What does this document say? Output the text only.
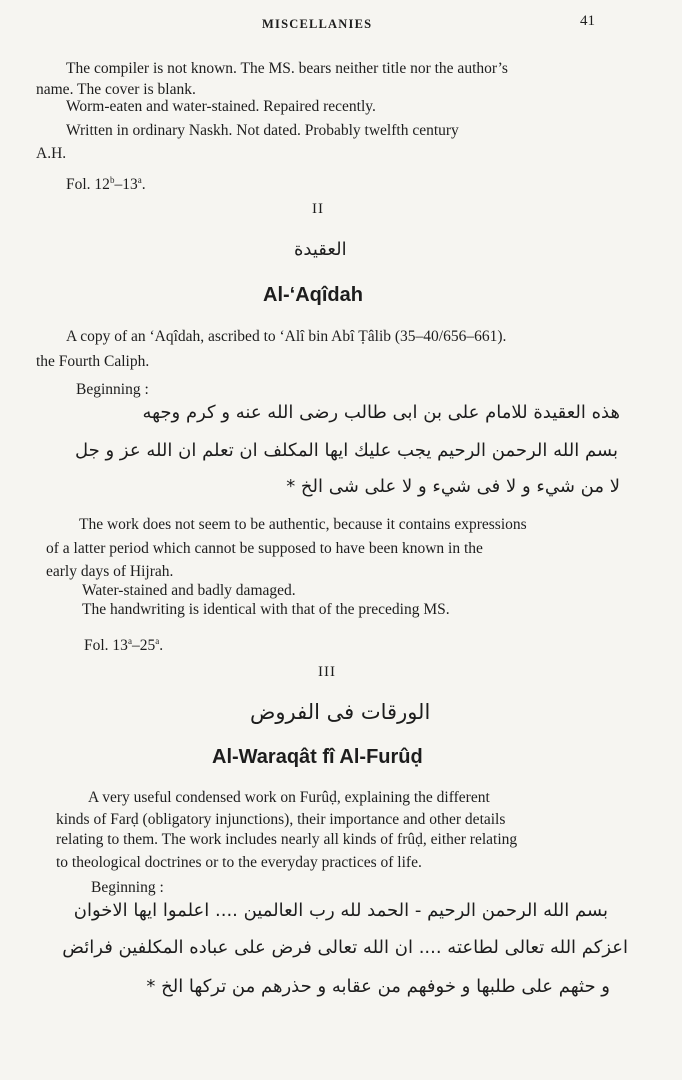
MISCELLANIES	41
The compiler is not known. The MS. bears neither title nor the author’s
name. The cover is blank.
Worm-eaten and water-stained. Repaired recently.
Written in ordinary Naskh. Not dated. Probably twelfth century
A.H.
Fol. 12$^b$–13$^a$.
II
العقيدة
Al-‘Aqîdah
A copy of an ‘Aqîdah, ascribed to ‘Alî bin Abî Ṭâlib (35–40/656–661).
the Fourth Caliph.
Beginning :
هذه العقيدة للامام على بن ابى طالب رضى الله عنه و كرم وجهه
بسم الله الرحمن الرحيم يجب عليك ايها المكلف ان تعلم ان الله عز و جل
لا من شيء و لا فى شيء و لا على شى الخ *
The work does not seem to be authentic, because it contains expressions
of a latter period which cannot be supposed to have been known in the
early days of Hijrah.
Water-stained and badly damaged.
The handwriting is identical with that of the preceding MS.
Fol. 13$^a$–25$^a$.
III
الورقات فى الفروض
Al-Waraqât fî Al-Furûḍ
A very useful condensed work on Furûḍ, explaining the different
kinds of Farḍ (obligatory injunctions), their importance and other details
relating to them. The work includes nearly all kinds of frûḍ, either relating
to theological doctrines or to the everyday practices of life.
Beginning :
بسم الله الرحمن الرحيم - الحمد لله رب العالمين .... اعلموا ايها الاخوان
اعزكم الله تعالى لطاعته .... ان الله تعالى فرض على عباده المكلفين فرائض
و حثهم على طلبها و خوفهم من عقابه و حذرهم من تركها الخ *
